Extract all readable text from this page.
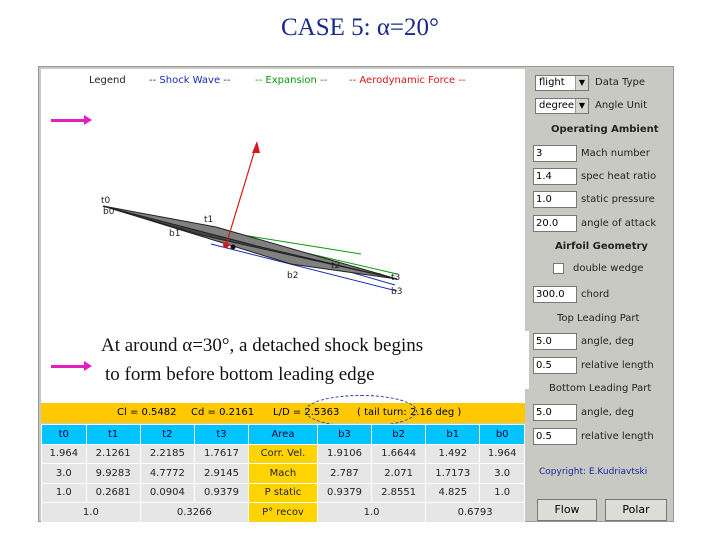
CASE 5: α=20°
Legend -- Shock Wave -- -- Expansion -- -- Aerodynamic Force --
t0
b0
t1
b1
t2
b2	t3
b3
At around α=30°, a detached shock begins
to form before bottom leading edge
flight	▼ Data Type
degree ▼ Angle Unit
Operating Ambient
3	Mach number
1.4	spec heat ratio
1.0	static pressure
20.0	angle of attack
Airfoil Geometry
double wedge
300.0	chord
Top Leading Part
5.0	angle, deg
0.5	relative length
Bottom Leading Part
5.0	angle, deg
0.5	relative length
Copyright: E.Kudriavtski
Flow	Polar
Cl = 0.5482 Cd = 0.2161 L/D = 2.5363 ( tail turn: 2.16 deg )
t0	t1	t2	t3	Area	b3	b2	b1	b0
1.964	2.1261	2.2185	1.7617	Corr. Vel.	1.9106	1.6644	1.492	1.964
3.0	9.9283	4.7772	2.9145	Mach	2.787	2.071	1.7173	3.0
1.0	0.2681	0.0904	0.9379	P static	0.9379	2.8551	4.825	1.0
1.0		0.3266		P° recov	1.0		0.6793	
